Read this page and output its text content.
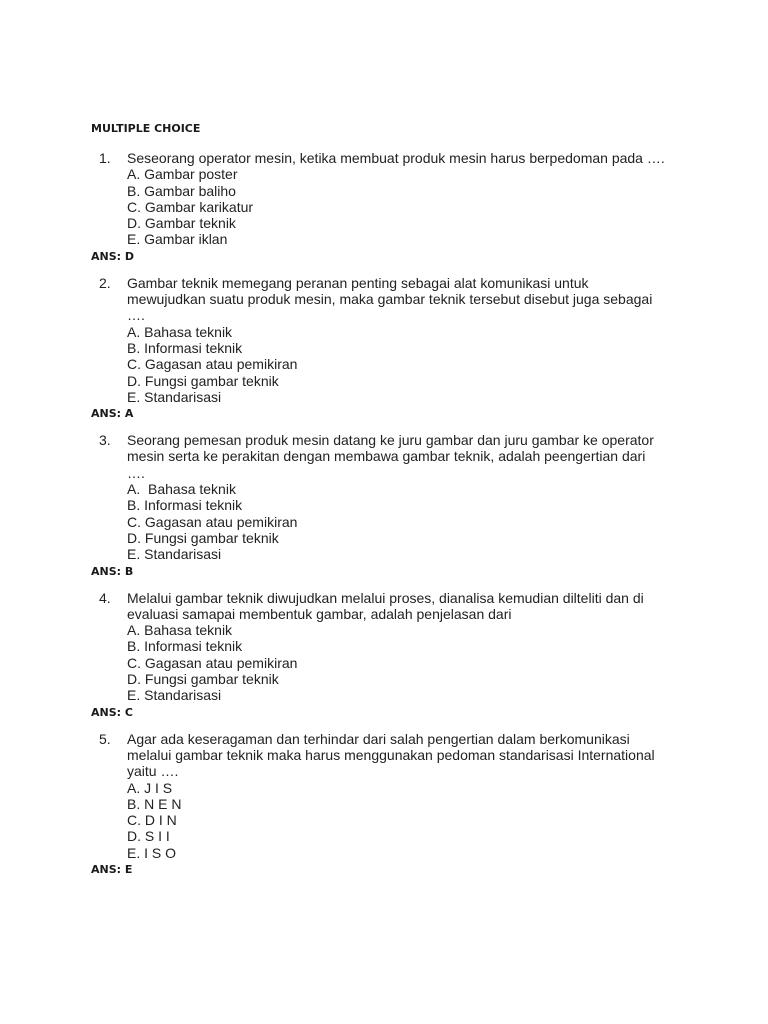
MULTIPLE CHOICE
1. Seseorang operator mesin, ketika membuat produk mesin harus berpedoman pada ….
A. Gambar poster
B. Gambar baliho
C. Gambar karikatur
D. Gambar teknik
E. Gambar iklan
ANS: D
2. Gambar teknik memegang peranan penting sebagai alat komunikasi untuk mewujudkan suatu produk mesin, maka gambar teknik tersebut disebut juga sebagai ….
A. Bahasa teknik
B. Informasi teknik
C. Gagasan atau pemikiran
D. Fungsi gambar teknik
E. Standarisasi
ANS: A
3. Seorang pemesan produk mesin datang ke juru gambar dan juru gambar ke operator mesin serta ke perakitan dengan membawa gambar teknik, adalah peengertian dari ….
A.  Bahasa teknik
B. Informasi teknik
C. Gagasan atau pemikiran
D. Fungsi gambar teknik
E. Standarisasi
ANS: B
4. Melalui gambar teknik diwujudkan melalui proses, dianalisa kemudian dilteliti dan di evaluasi samapai membentuk gambar, adalah penjelasan dari
A. Bahasa teknik
B. Informasi teknik
C. Gagasan atau pemikiran
D. Fungsi gambar teknik
E. Standarisasi
ANS: C
5. Agar ada keseragaman dan terhindar dari salah pengertian dalam berkomunikasi melalui gambar teknik maka harus menggunakan pedoman standarisasi International yaitu ….
A. J I S
B. N E N
C. D I N
D. S I I
E. I S O
ANS: E
